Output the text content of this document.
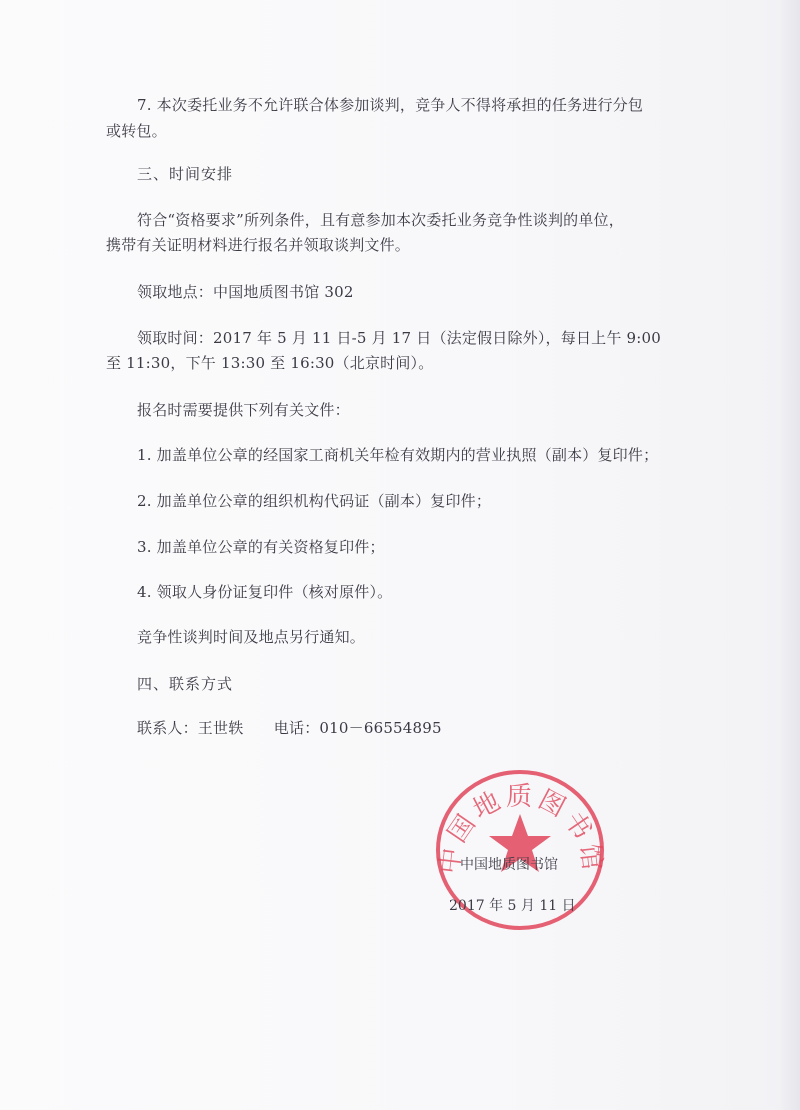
7. 本次委托业务不允许联合体参加谈判，竞争人不得将承担的任务进行分包
或转包。
三、时间安排
符合“资格要求”所列条件，且有意参加本次委托业务竞争性谈判的单位，
携带有关证明材料进行报名并领取谈判文件。
领取地点：中国地质图书馆 302
领取时间：2017 年 5 月 11 日-5 月 17 日（法定假日除外），每日上午 9:00
至 11:30，下午 13:30 至 16:30（北京时间）。
报名时需要提供下列有关文件：
1. 加盖单位公章的经国家工商机关年检有效期内的营业执照（副本）复印件；
2. 加盖单位公章的组织机构代码证（副本）复印件；
3. 加盖单位公章的有关资格复印件；
4. 领取人身份证复印件（核对原件）。
竞争性谈判时间及地点另行通知。
四、联系方式
联系人：王世轶　　电话：010－66554895
中国地质图书馆
中国地质图书馆
2017 年 5 月 11 日
